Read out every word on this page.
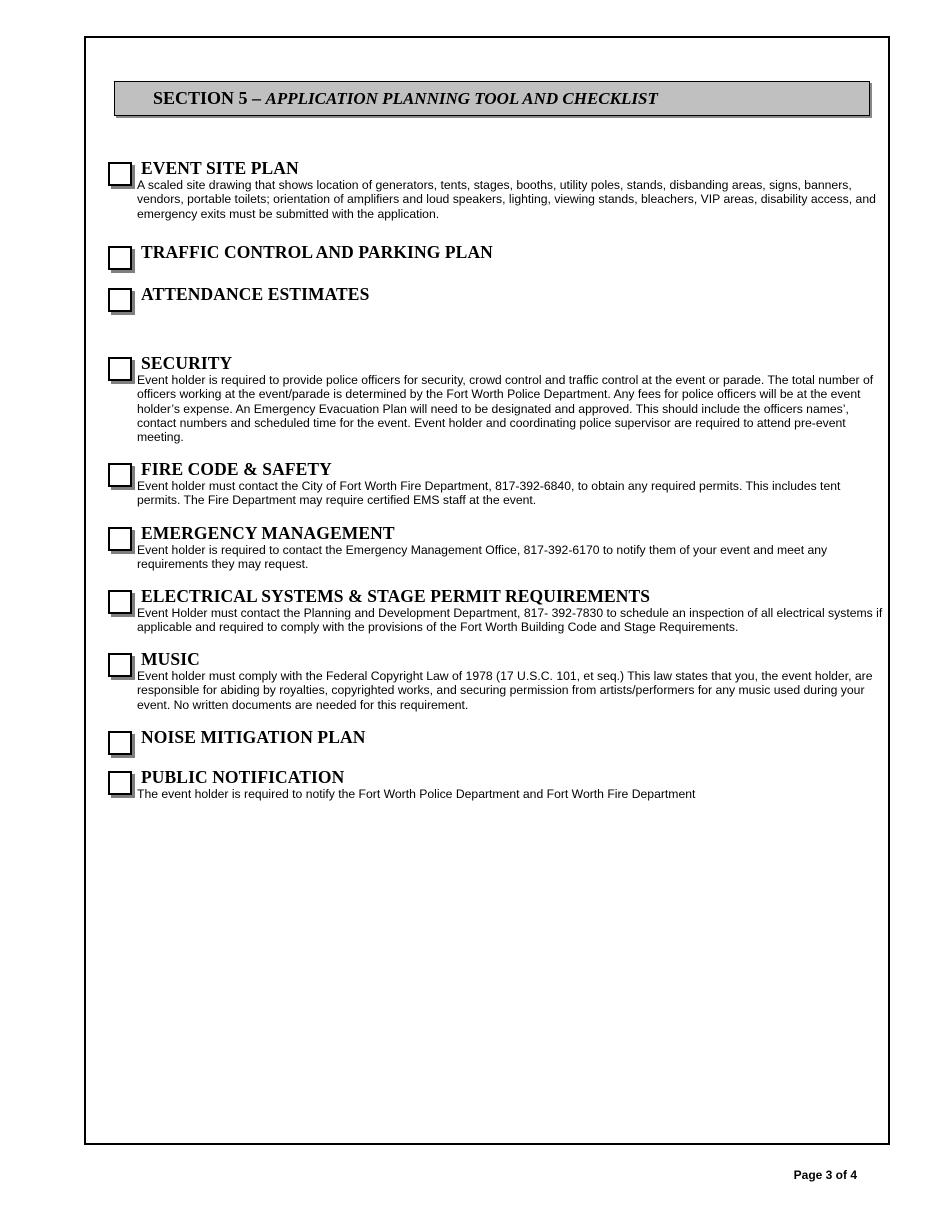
SECTION 5 – APPLICATION PLANNING TOOL AND CHECKLIST
EVENT SITE PLAN

A scaled site drawing that shows location of generators, tents, stages, booths, utility poles, stands, disbanding areas, signs, banners, vendors, portable toilets; orientation of amplifiers and loud speakers, lighting, viewing stands, bleachers, VIP areas, disability access, and emergency exits must be submitted with the application.

TRAFFIC CONTROL AND PARKING PLAN
ATTENDANCE ESTIMATES
SECURITY

Event holder is required to provide police officers for security, crowd control and traffic control at the event or parade. The total number of officers working at the event/parade is determined by the Fort Worth Police Department. Any fees for police officers will be at the event holder’s expense. An Emergency Evacuation Plan will need to be designated and approved. This should include the officers names’, contact numbers and scheduled time for the event. Event holder and coordinating police supervisor are required to attend pre-event meeting.

FIRE CODE & SAFETY

Event holder must contact the City of Fort Worth Fire Department, 817-392-6840, to obtain any required permits. This includes tent permits. The Fire Department may require certified EMS staff at the event.

EMERGENCY MANAGEMENT

Event holder is required to contact the Emergency Management Office, 817-392-6170 to notify them of your event and meet any requirements they may request.

ELECTRICAL SYSTEMS & STAGE PERMIT REQUIREMENTS

Event Holder must contact the Planning and Development Department, 817- 392-7830 to schedule an inspection of all electrical systems if applicable and required to comply with the provisions of the Fort Worth Building Code and Stage Requirements.

MUSIC

Event holder must comply with the Federal Copyright Law of 1978 (17 U.S.C. 101, et seq.) This law states that you, the event holder, are responsible for abiding by royalties, copyrighted works, and securing permission from artists/performers for any music used during your event. No written documents are needed for this requirement.

NOISE MITIGATION PLAN
PUBLIC NOTIFICATION

The event holder is required to notify the Fort Worth Police Department and Fort Worth Fire Department

Page 3 of 4
